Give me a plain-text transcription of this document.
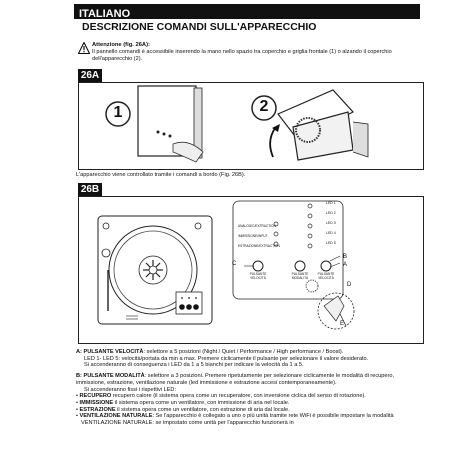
ITALIANO
DESCRIZIONE COMANDI SULL'APPARECCHIO
Attenzione (fig. 26A):
Il pannello comandi è accessibile inserendo la mano nello spazio tra coperchio e griglia frontale (1) o alzando il coperchio dell'apparecchio (2).
26A
1	2
L'apparecchio viene controllato tramite i comandi a bordo (Fig. 26B).
26B
LED 1
LED 2
LED 3
LED 4
LED 5
ANALOGIC/EXTRACTION
IMMISSIONE/INPUT
ESTRAZIONE/EXTRACTION
PULSANTE
VELOCITÀ
PULSANTE
MODALITÀ
PULSANTE
VELOCITÀ
C
B
A
D
E

A: PULSANTE VELOCITÀ: selettore a 5 posizioni (Night / Quiet / Performance / High performance / Boost).

LED 1- LED 5: velocità/portata da min a max. Premere ciclicamente il pulsante per selezionare il valore desiderato.

Si accenderanno di conseguenza i LED da 1 a 5 bianchi per indicare la velocità da 1 a 5.

B: PULSANTE MODALITÀ: selettore a 3 posizioni. Premere ripetutamente per selezionare ciclicamente le modalità di recupero, immissione, estrazione, ventilazione naturale (led immissione e estrazione accesi contemporaneamente).

Si accenderanno fissi i rispettivi LED:

• RECUPERO recupero calore (il sistema opera come un recuperatore, con inversione ciclica del senso di rotazione).

• IMMISSIONE il sistema opera come un ventilatore, con immissione di aria nel locale.

• ESTRAZIONE il sistema opera come un ventilatore, con estrazione di aria dal locale.

• VENTILAZIONE NATURALE: Se l'apparecchio è collegato a uno o più unità tramite rete WiFi è possibile impostare la modalità VENTILAZIONE NATURALE: se impostato come unità per l'apparecchio funzionerà in
